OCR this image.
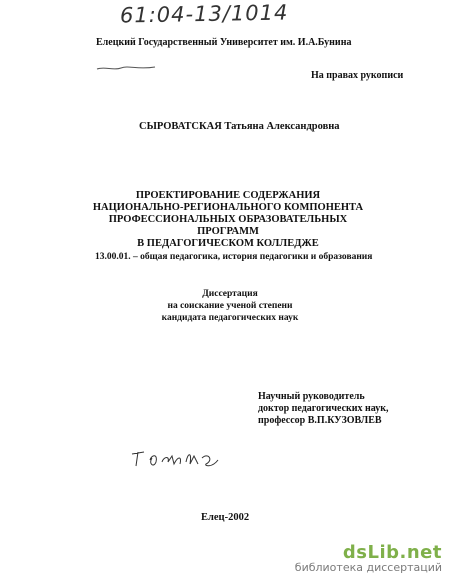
61:04-13/1014
Елецкий Государственный Университет им. И.А.Бунина
На правах рукописи
СЫРОВАТСКАЯ Татьяна Александровна
ПРОЕКТИРОВАНИЕ СОДЕРЖАНИЯ
НАЦИОНАЛЬНО-РЕГИОНАЛЬНОГО КОМПОНЕНТА
ПРОФЕССИОНАЛЬНЫХ ОБРАЗОВАТЕЛЬНЫХ ПРОГРАММ
В ПЕДАГОГИЧЕСКОМ КОЛЛЕДЖЕ
13.00.01. – общая педагогика, история педагогики и образования
Диссертация
на соискание ученой степени
кандидата педагогических наук
Научный руководитель
доктор педагогических наук,
профессор В.П.КУЗОВЛЕВ
Елец-2002
dsLib.net
библиотека диссертаций
